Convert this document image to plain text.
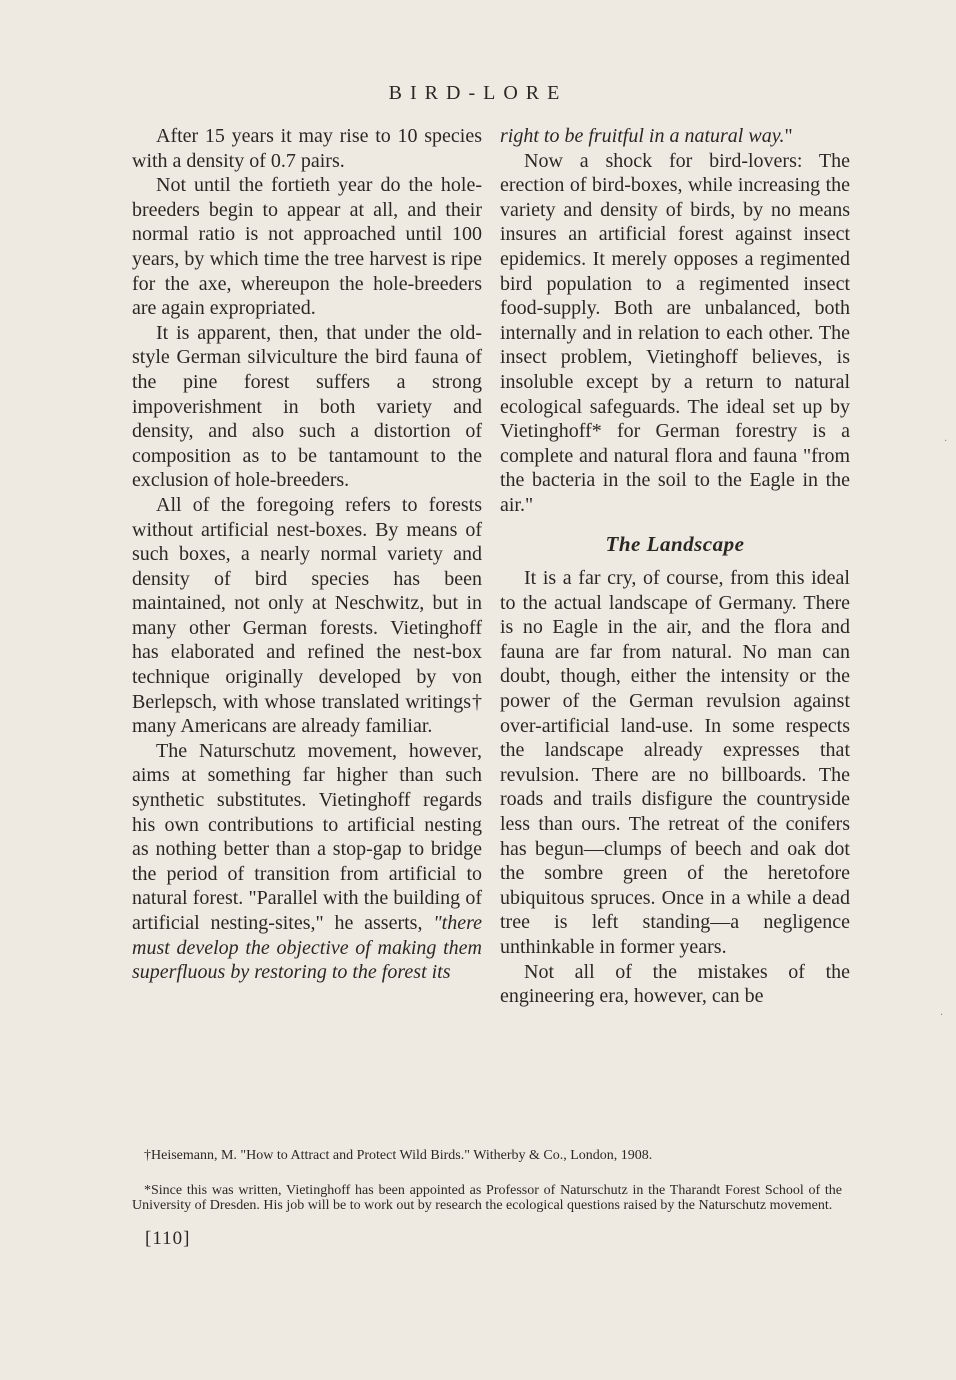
BIRD-LORE

After 15 years it may rise to 10 species with a density of 0.7 pairs.

Not until the fortieth year do the hole-breeders begin to appear at all, and their normal ratio is not approached until 100 years, by which time the tree harvest is ripe for the axe, whereupon the hole-breeders are again expropriated.

It is apparent, then, that under the old-style German silviculture the bird fauna of the pine forest suffers a strong impoverishment in both variety and density, and also such a distortion of composition as to be tantamount to the exclusion of hole-breeders.

All of the foregoing refers to forests without artificial nest-boxes. By means of such boxes, a nearly normal variety and density of bird species has been maintained, not only at Neschwitz, but in many other German forests. Vietinghoff has elaborated and refined the nest-box technique originally developed by von Berlepsch, with whose translated writings† many Americans are already familiar.

The Naturschutz movement, however, aims at something far higher than such synthetic substitutes. Vietinghoff regards his own contributions to artificial nesting as nothing better than a stop-gap to bridge the period of transition from artificial to natural forest. "Parallel with the building of artificial nesting-sites," he asserts, "there must develop the objective of making them superfluous by restoring to the forest its

right to be fruitful in a natural way."

Now a shock for bird-lovers: The erection of bird-boxes, while increasing the variety and density of birds, by no means insures an artificial forest against insect epidemics. It merely opposes a regimented bird population to a regimented insect food-supply. Both are unbalanced, both internally and in relation to each other. The insect problem, Vietinghoff believes, is insoluble except by a return to natural ecological safeguards. The ideal set up by Vietinghoff* for German forestry is a complete and natural flora and fauna "from the bacteria in the soil to the Eagle in the air."

The Landscape

It is a far cry, of course, from this ideal to the actual landscape of Germany. There is no Eagle in the air, and the flora and fauna are far from natural. No man can doubt, though, either the intensity or the power of the German revulsion against over-artificial land-use. In some respects the landscape already expresses that revulsion. There are no billboards. The roads and trails disfigure the countryside less than ours. The retreat of the conifers has begun—clumps of beech and oak dot the sombre green of the heretofore ubiquitous spruces. Once in a while a dead tree is left standing—a negligence unthinkable in former years.

Not all of the mistakes of the engineering era, however, can be

†Heisemann, M. "How to Attract and Protect Wild Birds." Witherby & Co., London, 1908.

*Since this was written, Vietinghoff has been appointed as Professor of Naturschutz in the Tharandt Forest School of the University of Dresden. His job will be to work out by research the ecological questions raised by the Naturschutz movement.

[110]
·
·
